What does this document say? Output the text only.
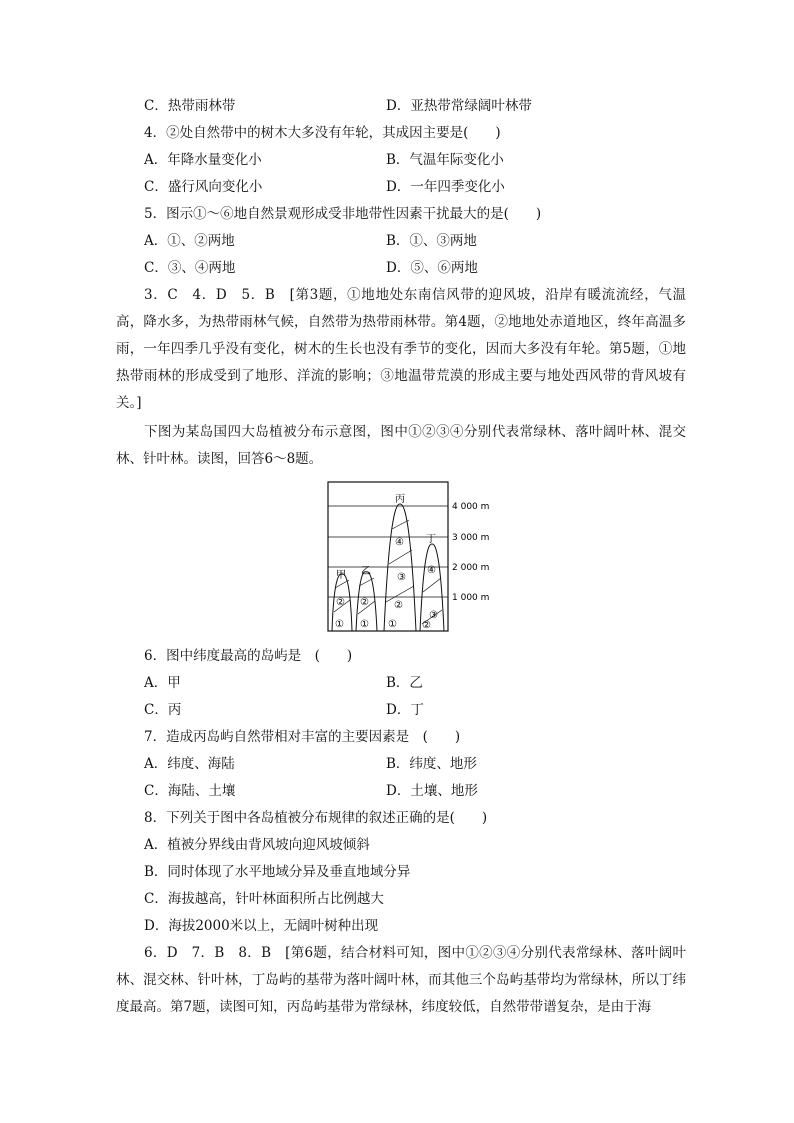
C．热带雨林带	D．亚热带常绿阔叶林带
4．②处自然带中的树木大多没有年轮，其成因主要是(　　)
A．年降水量变化小	B．气温年际变化小
C．盛行风向变化小	D．一年四季变化小
5．图示①～⑥地自然景观形成受非地带性因素干扰最大的是(　　)
A．①、②两地	B．①、③两地
C．③、④两地	D．⑤、⑥两地
3．C　4．D　5．B　[第3题，①地地处东南信风带的迎风坡，沿岸有暖流流经，气温高，降水多，为热带雨林气候，自然带为热带雨林带。第4题，②地地处赤道地区，终年高温多雨，一年四季几乎没有变化，树木的生长也没有季节的变化，因而大多没有年轮。第5题，①地热带雨林的形成受到了地形、洋流的影响；③地温带荒漠的形成主要与地处西风带的背风坡有关。]
下图为某岛国四大岛植被分布示意图，图中①②③④分别代表常绿林、落叶阔叶林、混交林、针叶林。读图，回答6～8题。
4 000 m
3 000 m
2 000 m
1 000 m
甲
②
①
乙
②
①
丙
④
③
②
①
丁
④
③
②
6．图中纬度最高的岛屿是　(　　)
A．甲	B．乙
C．丙	D．丁
7．造成丙岛屿自然带相对丰富的主要因素是　(　　)
A．纬度、海陆	B．纬度、地形
C．海陆、土壤	D．土壤、地形
8．下列关于图中各岛植被分布规律的叙述正确的是(　　)
A．植被分界线由背风坡向迎风坡倾斜
B．同时体现了水平地域分异及垂直地域分异
C．海拔越高，针叶林面积所占比例越大
D．海拔2000米以上，无阔叶树种出现
6．D　7．B　8．B　[第6题，结合材料可知，图中①②③④分别代表常绿林、落叶阔叶林、混交林、针叶林，丁岛屿的基带为落叶阔叶林，而其他三个岛屿基带均为常绿林，所以丁纬度最高。第7题，读图可知，丙岛屿基带为常绿林，纬度较低，自然带带谱复杂，是由于海
